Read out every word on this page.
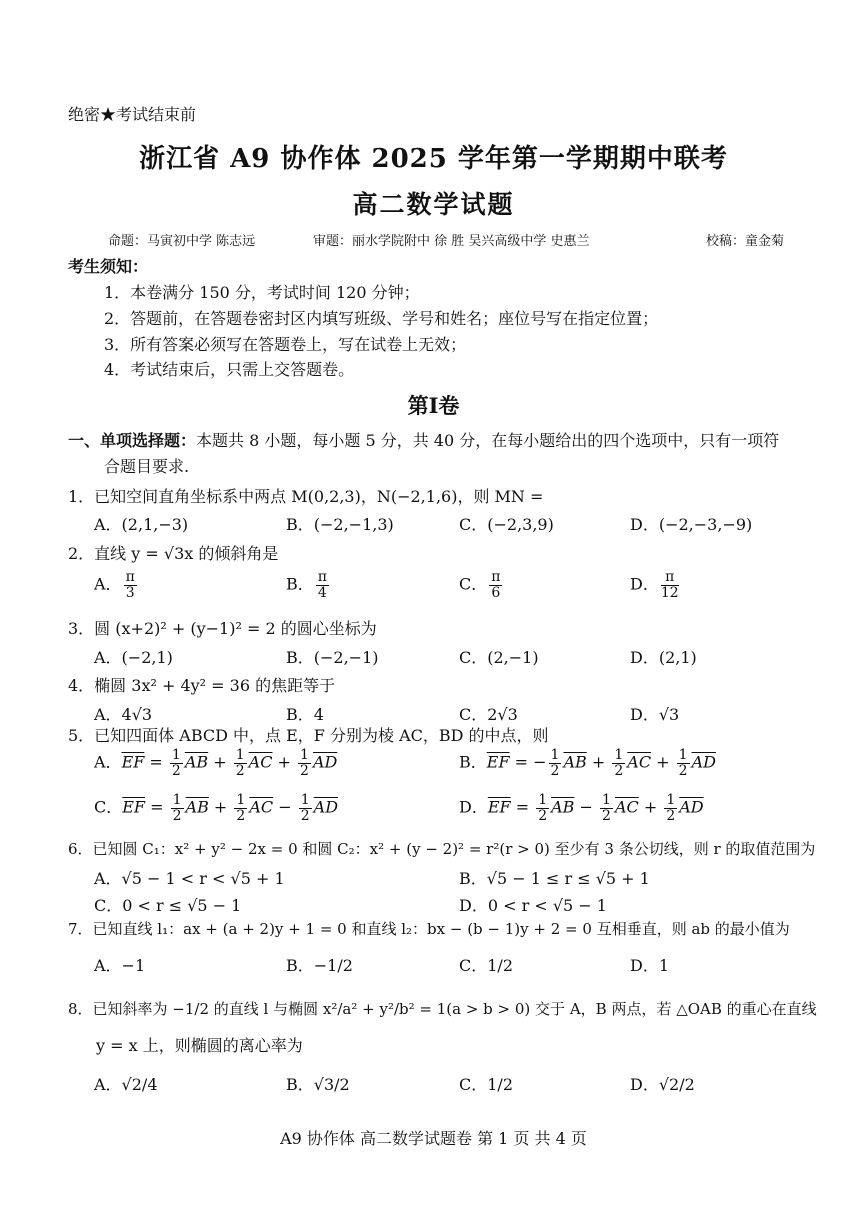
绝密★考试结束前
浙江省 A9 协作体 2025 学年第一学期期中联考
高二数学试题
命题：马寅初中学 陈志远	审题：丽水学院附中 徐 胜 吴兴高级中学 史惠兰	校稿：童金菊
考生须知：
1．本卷满分 150 分，考试时间 120 分钟；
2．答题前，在答题卷密封区内填写班级、学号和姓名；座位号写在指定位置；
3．所有答案必须写在答题卷上，写在试卷上无效；
4．考试结束后，只需上交答题卷。
第Ⅰ卷
一、单项选择题：本题共 8 小题，每小题 5 分，共 40 分，在每小题给出的四个选项中，只有一项符
合题目要求.
1．已知空间直角坐标系中两点 M(0,2,3)，N(−2,1,6)，则 MN =
A．(2,1,−3)	B．(−2,−1,3)	C．(−2,3,9)	D．(−2,−3,−9)
2．直线 y = √3x 的倾斜角是
A． $\frac{\pi}{3}$	B． $\frac{\pi}{4}$	C． $\frac{\pi}{6}$	D． $\frac{\pi}{12}$
3．圆 (x+2)² + (y−1)² = 2 的圆心坐标为
A．(−2,1)	B．(−2,−1)	C．(2,−1)	D．(2,1)
4．椭圆 3x² + 4y² = 36 的焦距等于
A．4√3	B．4	C．2√3	D．√3
5．已知四面体 ABCD 中，点 E，F 分别为棱 AC，BD 的中点，则
A．$\overline{EF} = \frac{1}{2} \overline{AB} + \frac{1}{2} \overline{AC} + \frac{1}{2} \overline{AD}$	B．$\overline{EF}$ = − $\frac{1}{2} \overline{AB} + \frac{1}{2} \overline{AC} + \frac{1}{2} \overline{AD}$
C．$\overline{EF} = \frac{1}{2} \overline{AB} + \frac{1}{2} \overline{AC} - \frac{1}{2} \overline{AD}$	D．$\overline{EF} = \frac{1}{2} \overline{AB} - \frac{1}{2} \overline{AC} + \frac{1}{2} \overline{AD}$
6．已知圆 C₁：x² + y² − 2x = 0 和圆 C₂：x² + (y − 2)² = r²(r > 0) 至少有 3 条公切线，则 r 的取值范围为
A．√5 − 1 < r < √5 + 1	B．√5 − 1 ≤ r ≤ √5 + 1
C．0 < r ≤ √5 − 1	D．0 < r < √5 − 1
7．已知直线 l₁：ax + (a + 2)y + 1 = 0 和直线 l₂：bx − (b − 1)y + 2 = 0 互相垂直，则 ab 的最小值为
A．−1	B．−1/2	C．1/2	D．1
8．已知斜率为 −1/2 的直线 l 与椭圆 x²/a² + y²/b² = 1(a > b > 0) 交于 A，B 两点，若 △OAB 的重心在直线
y = x 上，则椭圆的离心率为
A．√2/4	B．√3/2	C．1/2	D．√2/2
A9 协作体 高二数学试题卷 第 1 页 共 4 页
